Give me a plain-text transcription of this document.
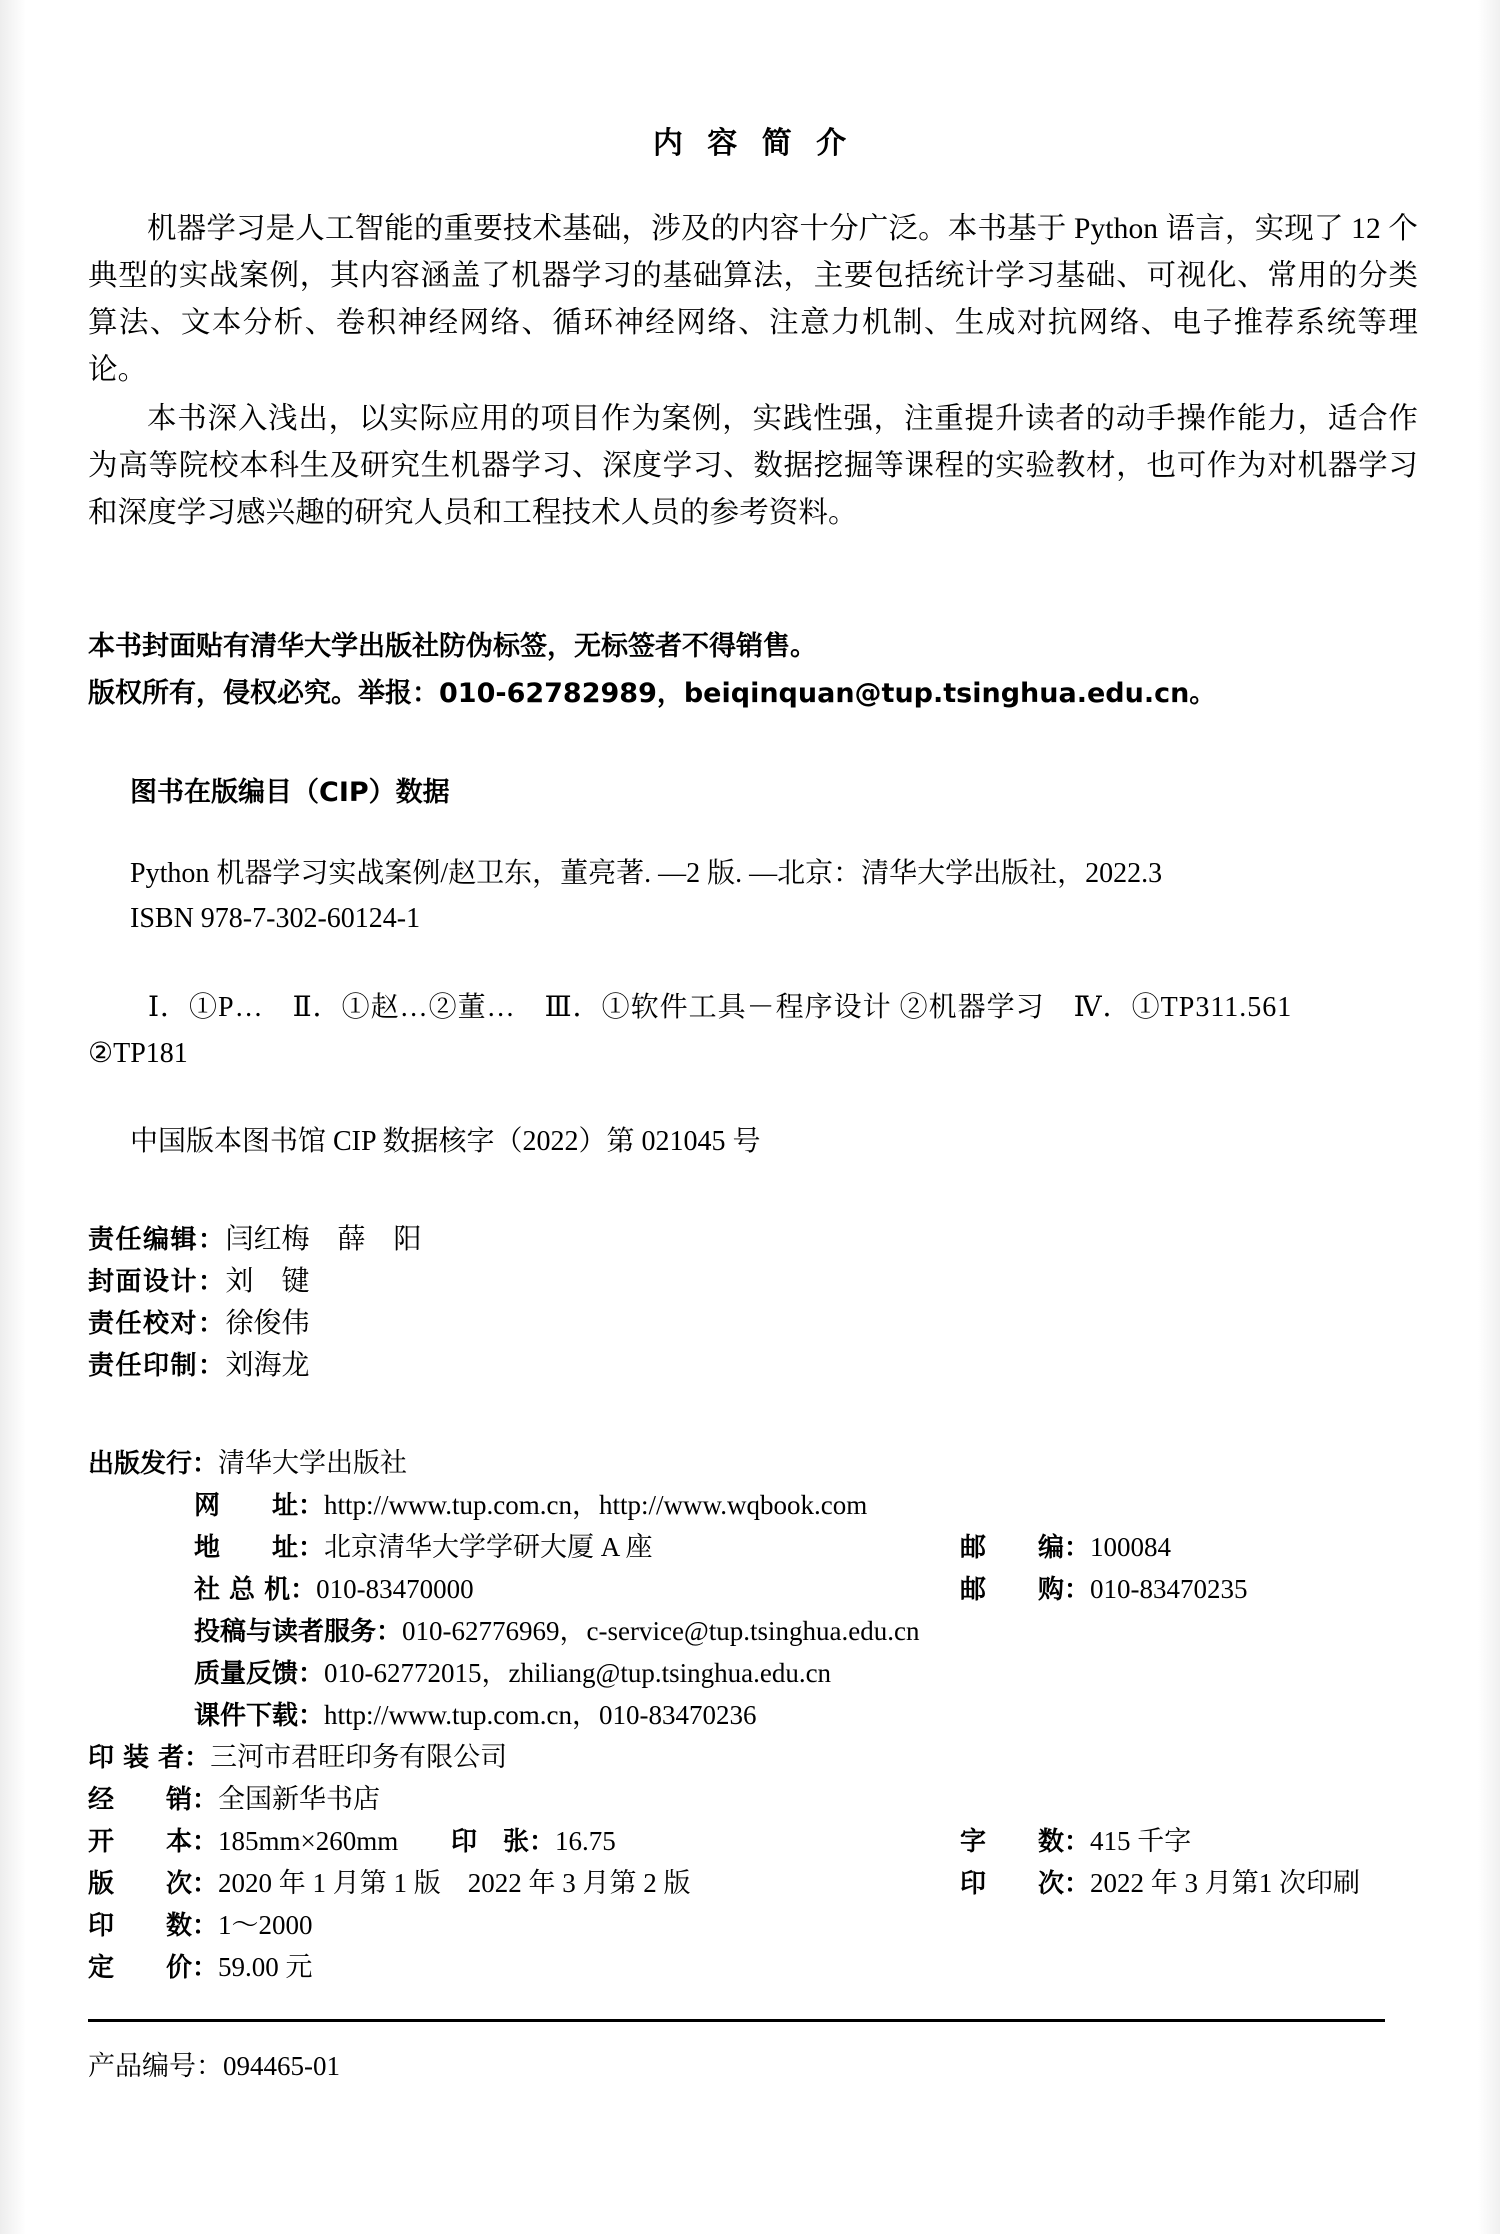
内 容 简 介

机器学习是人工智能的重要技术基础，涉及的内容十分广泛。本书基于 Python 语言，实现了 12 个典型的实战案例，其内容涵盖了机器学习的基础算法，主要包括统计学习基础、可视化、常用的分类算法、文本分析、卷积神经网络、循环神经网络、注意力机制、生成对抗网络、电子推荐系统等理论。

本书深入浅出，以实际应用的项目作为案例，实践性强，注重提升读者的动手操作能力，适合作为高等院校本科生及研究生机器学习、深度学习、数据挖掘等课程的实验教材，也可作为对机器学习和深度学习感兴趣的研究人员和工程技术人员的参考资料。

本书封面贴有清华大学出版社防伪标签，无标签者不得销售。
版权所有，侵权必究。举报：010-62782989，beiqinquan@tup.tsinghua.edu.cn。
图书在版编目（CIP）数据
Python 机器学习实战案例/赵卫东，董亮著. —2 版. —北京：清华大学出版社，2022.3
ISBN 978-7-302-60124-1
Ⅰ．①P…　Ⅱ．①赵…②董…　Ⅲ．①软件工具－程序设计 ②机器学习　Ⅳ．①TP311.561
②TP181
中国版本图书馆 CIP 数据核字（2022）第 021045 号
责任编辑：闫红梅　薛　阳
封面设计：刘　键
责任校对：徐俊伟
责任印制：刘海龙
出版发行：清华大学出版社
网　　址：http://www.tup.com.cn，http://www.wqbook.com
地　　址：北京清华大学学研大厦 A 座	邮　　编：100084
社 总 机：010-83470000	邮　　购：010-83470235
投稿与读者服务：010-62776969，c-service@tup.tsinghua.edu.cn
质量反馈：010-62772015，zhiliang@tup.tsinghua.edu.cn
课件下载：http://www.tup.com.cn，010-83470236
印 装 者：三河市君旺印务有限公司
经　　销：全国新华书店
开　　本：185mm×260mm 印　张：16.75	字　　数：415 千字
版　　次：2020 年 1 月第 1 版　2022 年 3 月第 2 版	印　　次：2022 年 3 月第1 次印刷
印　　数：1～2000
定　　价：59.00 元
产品编号：094465-01
